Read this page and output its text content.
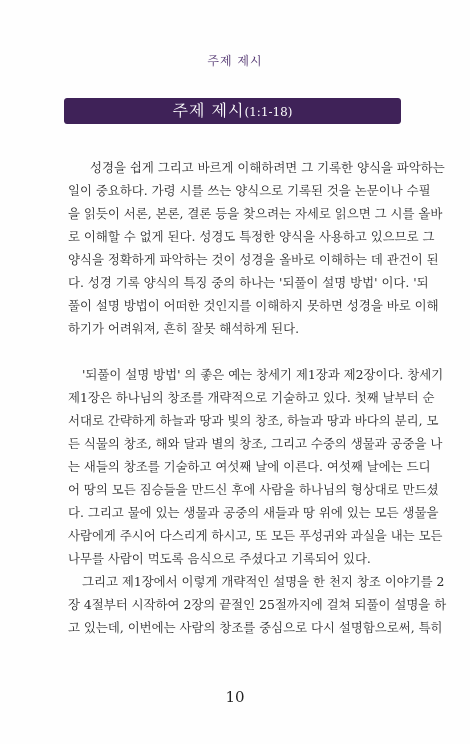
주제 제시
주제 제시(1:1-18)

성경을 쉽게 그리고 바르게 이해하려면 그 기록한 양식을 파악하는
일이 중요하다. 가령 시를 쓰는 양식으로 기록된 것을 논문이나 수필
을 읽듯이 서론, 본론, 결론 등을 찾으려는 자세로 읽으면 그 시를 올바
로 이해할 수 없게 된다. 성경도 특정한 양식을 사용하고 있으므로 그
양식을 정확하게 파악하는 것이 성경을 올바로 이해하는 데 관건이 된
다. 성경 기록 양식의 특징 중의 하나는 '되풀이 설명 방법' 이다. '되
풀이 설명 방법이 어떠한 것인지를 이해하지 못하면 성경을 바로 이해
하기가 어려워져, 흔히 잘못 해석하게 된다.

'되풀이 설명 방법' 의 좋은 예는 창세기 제1장과 제2장이다. 창세기
제1장은 하나님의 창조를 개략적으로 기술하고 있다. 첫째 날부터 순
서대로 간략하게 하늘과 땅과 빛의 창조, 하늘과 땅과 바다의 분리, 모
든 식물의 창조, 해와 달과 별의 창조, 그리고 수중의 생물과 공중을 나
는 새들의 창조를 기술하고 여섯째 날에 이른다. 여섯째 날에는 드디
어 땅의 모든 짐승들을 만드신 후에 사람을 하나님의 형상대로 만드셨
다. 그리고 물에 있는 생물과 공중의 새들과 땅 위에 있는 모든 생물을
사람에게 주시어 다스리게 하시고, 또 모든 푸성귀와 과실을 내는 모든
나무를 사람이 먹도록 음식으로 주셨다고 기록되어 있다.

그리고 제1장에서 이렇게 개략적인 설명을 한 천지 창조 이야기를 2
장 4절부터 시작하여 2장의 끝절인 25절까지에 걸쳐 되풀이 설명을 하
고 있는데, 이번에는 사람의 창조를 중심으로 다시 설명함으로써, 특히

10
